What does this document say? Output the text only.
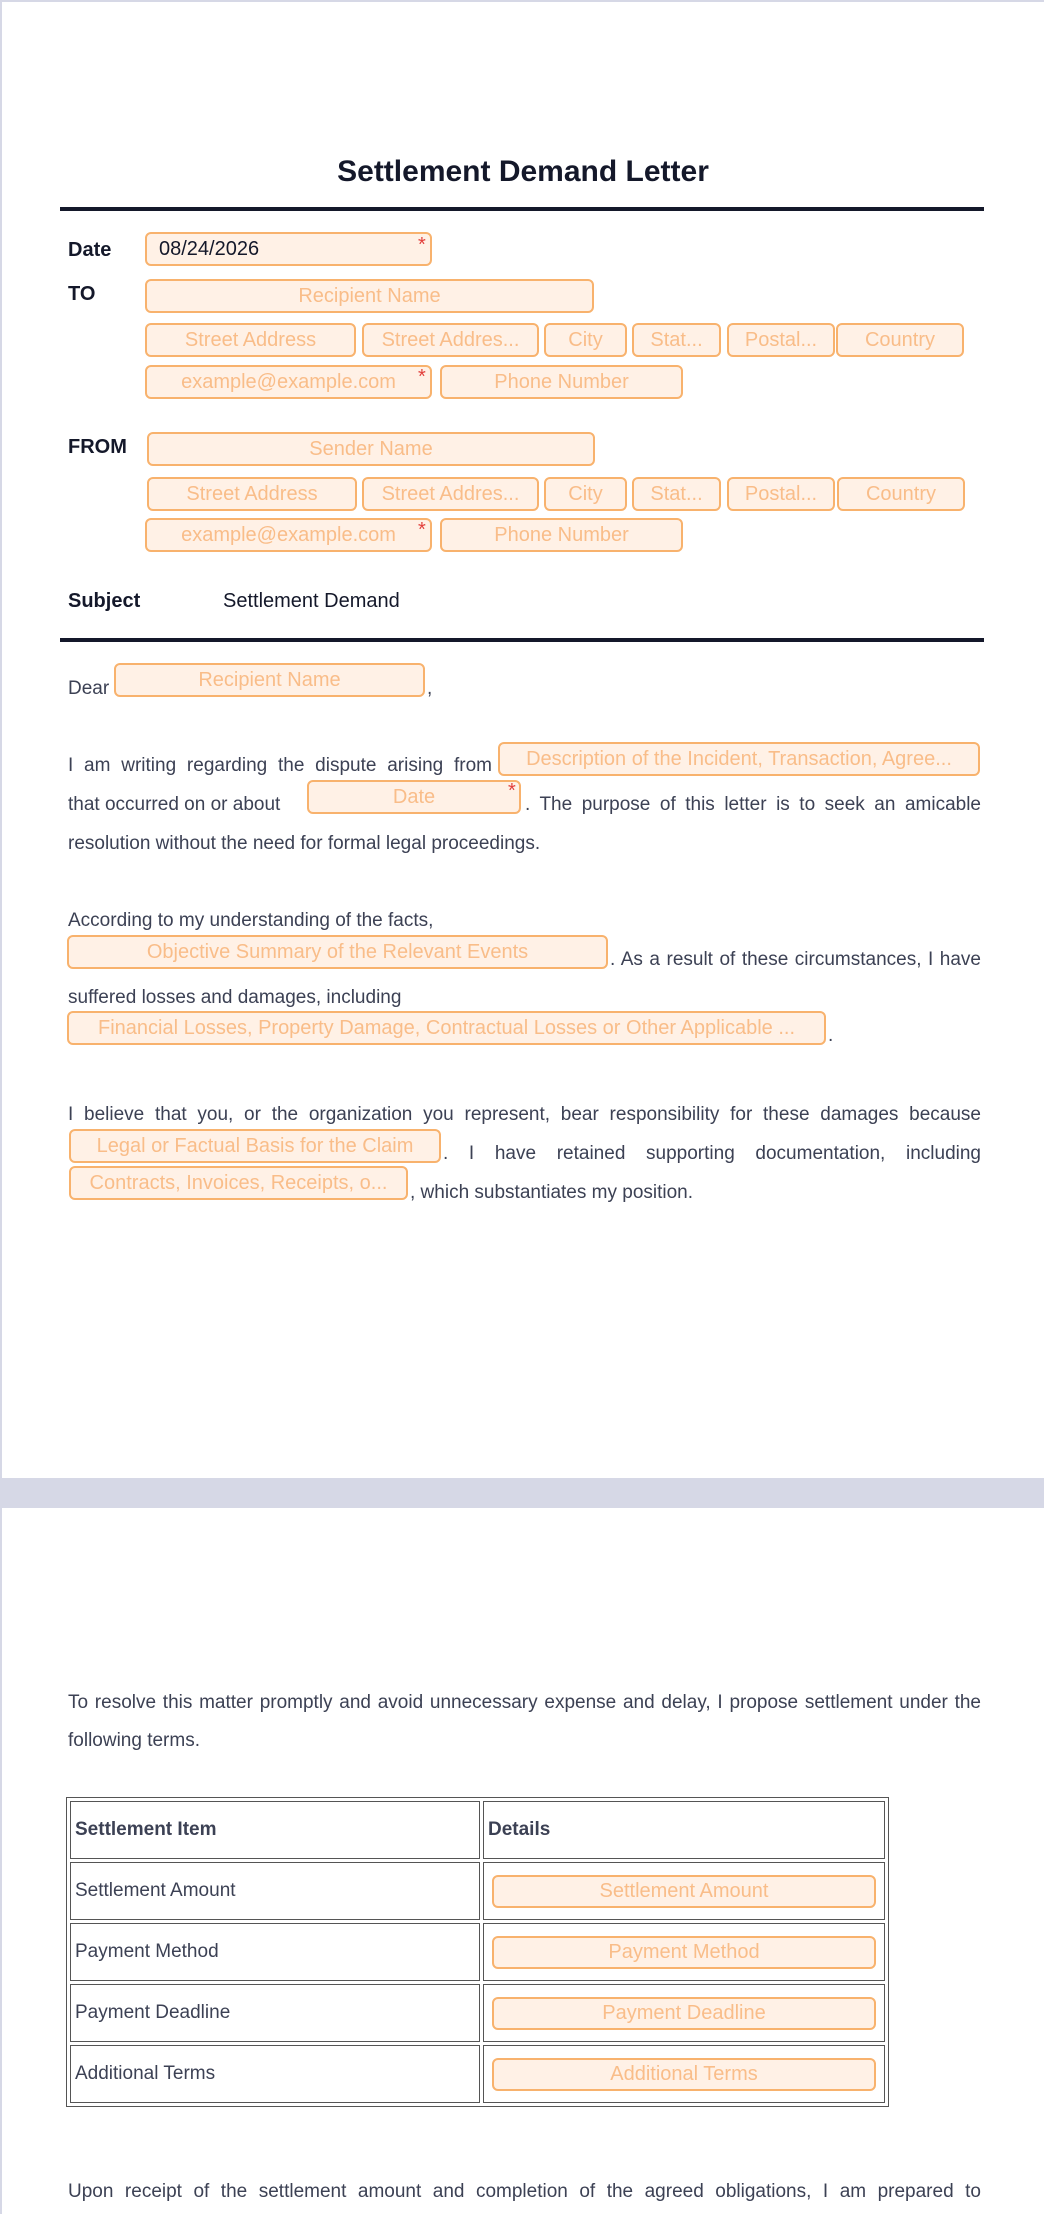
Settlement Demand Letter
Date	08/24/2026	*
TO	Recipient Name
Street Address	Street Addres...	City	Stat...	Postal...	Country
example@example.com	*	Phone Number
FROM	Sender Name
Street Address	Street Addres...	City	Stat...	Postal...	Country
example@example.com	*	Phone Number
Subject	Settlement Demand
Dear	Recipient Name	,
I am writing regarding the dispute arising from	Description of the Incident, Transaction, Agree...
that occurred on or about	Date	*
. The purpose of this letter is to seek an amicable
resolution without the need for formal legal proceedings.
According to my understanding of the facts,
Objective Summary of the Relevant Events	. As a result of these circumstances, I have
suffered losses and damages, including
Financial Losses, Property Damage, Contractual Losses or Other Applicable ...	.
I believe that you, or the organization you represent, bear responsibility for these damages because
Legal or Factual Basis for the Claim	. I have retained supporting documentation, including
Contracts, Invoices, Receipts, o...	, which substantiates my position.
To resolve this matter promptly and avoid unnecessary expense and delay, I propose settlement under the
following terms.
Settlement Item	Details
Settlement Amount	Settlement Amount

Payment Method	Payment Method

Payment Deadline	Payment Deadline

Additional Terms	Additional Terms
Upon receipt of the settlement amount and completion of the agreed obligations, I am prepared to
